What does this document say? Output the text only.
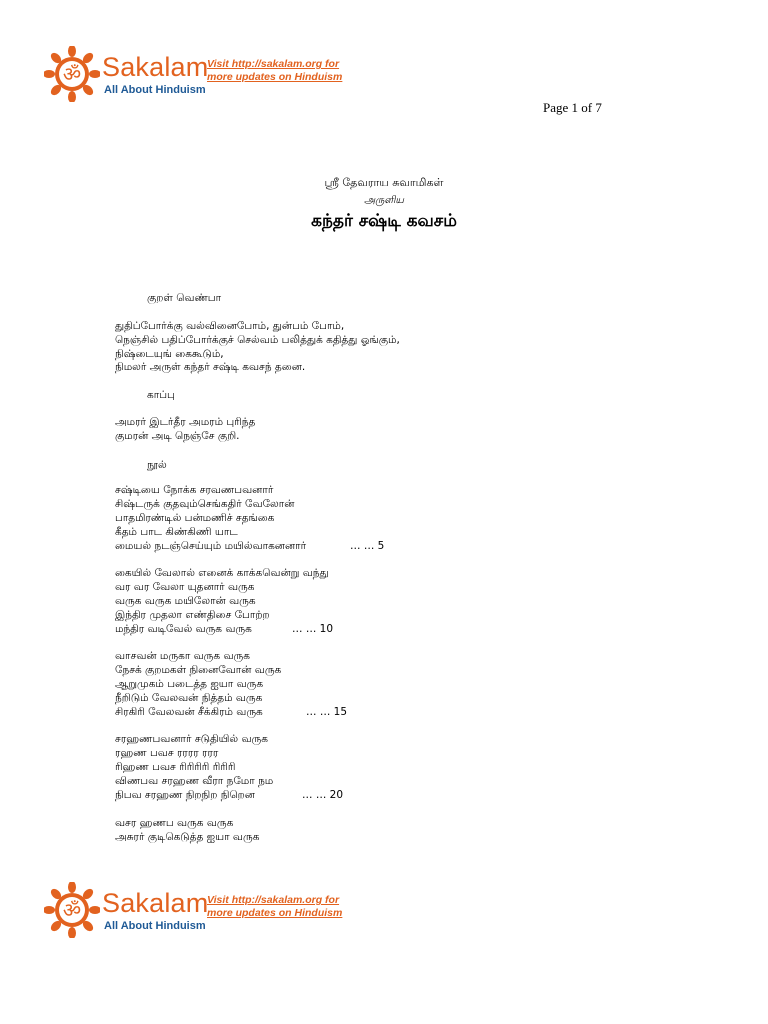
ॐ Sakalam
All About Hinduism
Visit http://sakalam.org for
more updates on Hinduism
Page 1 of 7
ஸ்ரீ தேவராய சுவாமிகள்
அருளிய
கந்தர் சஷ்டி கவசம்
குறள் வெண்பா
துதிப்போர்க்கு வல்வினைபோம், துன்பம் போம்,
நெஞ்சில் பதிப்போர்க்குச் செல்வம் பலித்துக் கதித்து ஓங்கும்,
நிஷ்டையுங் கைகூடும்,
நிமலர் அருள் கந்தர் சஷ்டி கவசந் தனை.
காப்பு
அமரர் இடர்தீர அமரம் புரிந்த
குமரன் அடி நெஞ்சே குறி.
நூல்
சஷ்டியை நோக்க சரவணபவனார்
சிஷ்டருக் குதவும்செங்கதிர் வேலோன்
பாதமிரண்டில் பன்மணிச் சதங்கை
கீதம் பாட கிண்கிணி யாட
மையல் நடஞ்செய்யும் மயில்வாகனனார்	… … 5
கையில் வேலால் எனைக் காக்கவென்று வந்து
வர வர வேலா யுதனார் வருக
வருக வருக மயிலோன் வருக
இந்திர முதலா எண்திசை போற்ற
மந்திர வடிவேல் வருக வருக	… … 10
வாசவன் மருகா வருக வருக
நேசக் குறமகள் நினைவோன் வருக
ஆறுமுகம் படைத்த ஐயா வருக
நீறிடும் வேலவன் நித்தம் வருக
சிரகிரி வேலவன் சீக்கிரம் வருக	… … 15
சரஹணபவனார் சடுதியில் வருக
ரஹண பவச ரரரர ரரர
ரிஹண பவச ரிரிரிரி ரிரிரி
விணபவ சரஹண வீரா நமோ நம
நிபவ சரஹண நிறநிற நிறென	… … 20
வசர ஹணப வருக வருக
அசுரர் குடிகெடுத்த ஐயா வருக
ॐ Sakalam
All About Hinduism
Visit http://sakalam.org for
more updates on Hinduism
